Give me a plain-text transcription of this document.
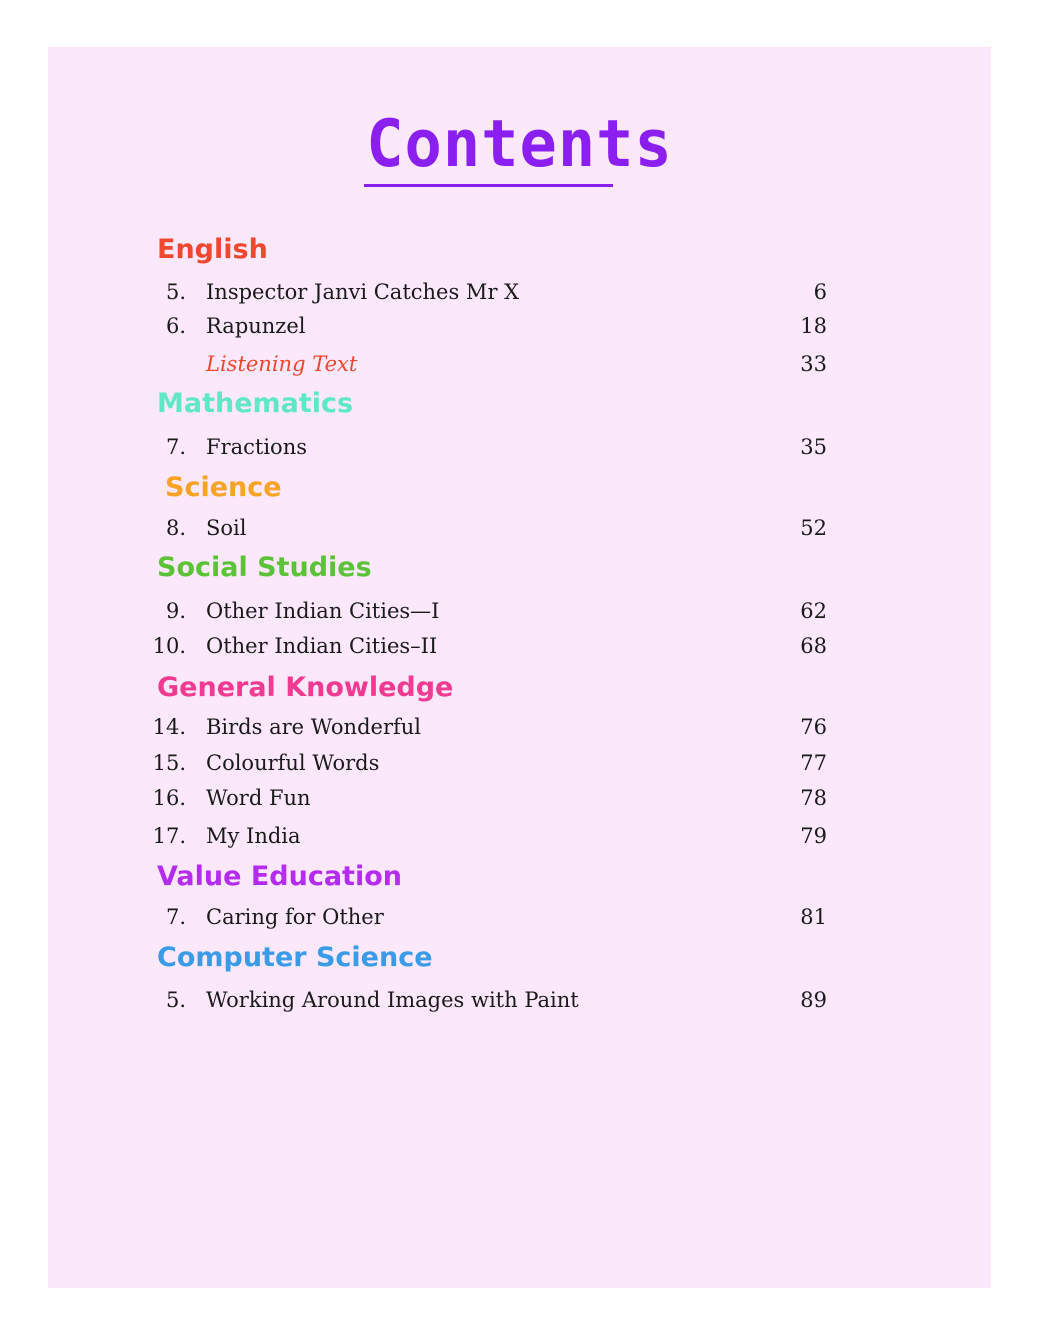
Contents
English
5. Inspector Janvi Catches Mr X	6
6. Rapunzel	18
Listening Text	33
Mathematics
7. Fractions	35
Science
8. Soil	52
Social Studies
9. Other Indian Cities—I	62
10. Other Indian Cities–II	68
General Knowledge
14. Birds are Wonderful	76
15. Colourful Words	77
16. Word Fun	78
17. My India	79
Value Education
7. Caring for Other	81
Computer Science
5. Working Around Images with Paint	89
